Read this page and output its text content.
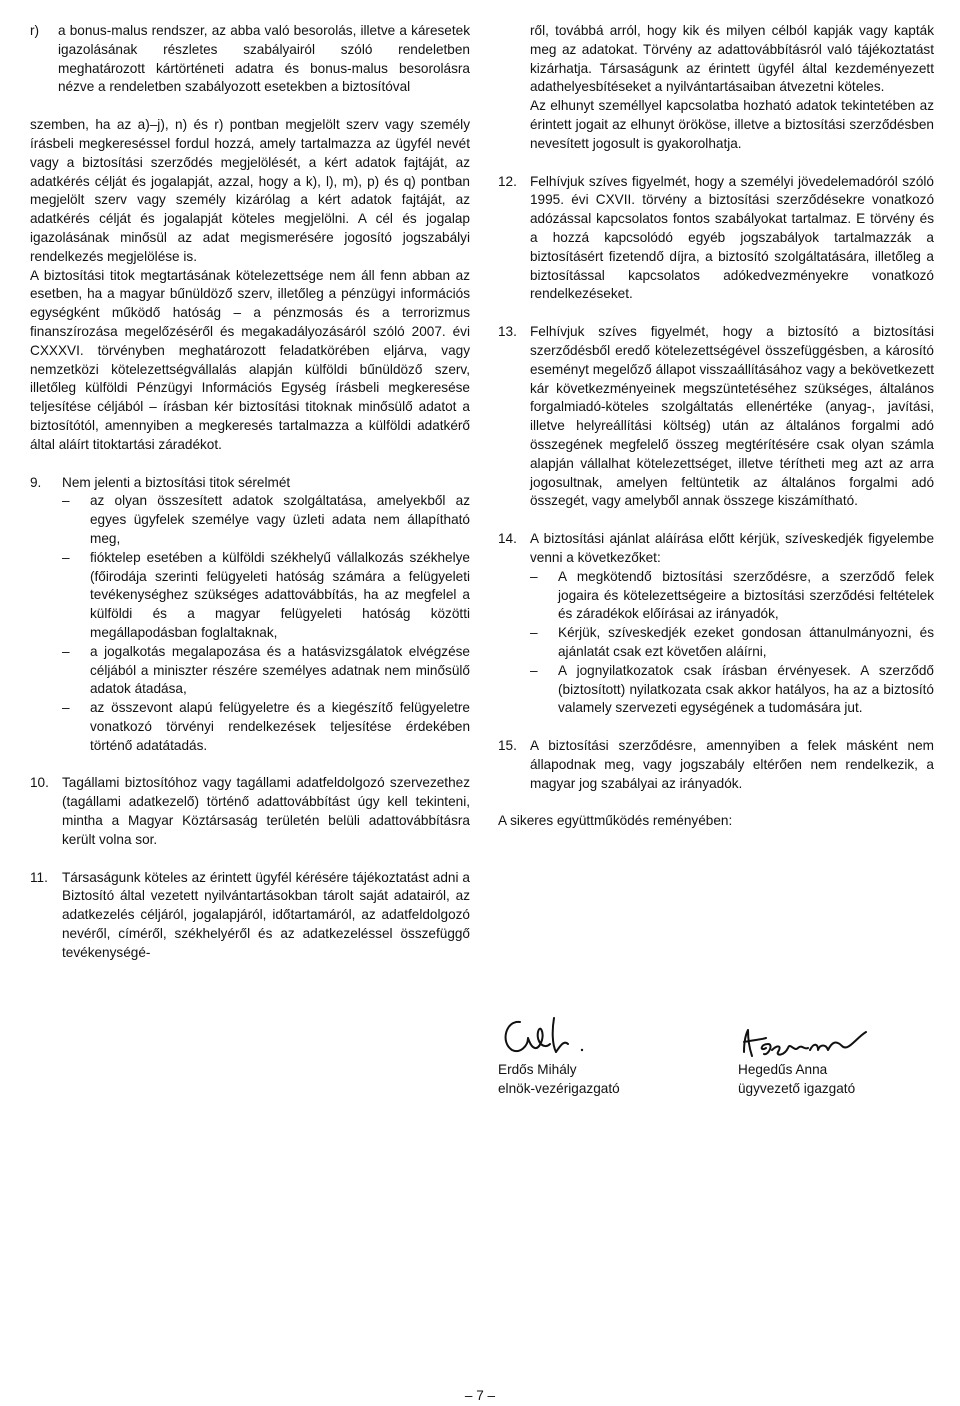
r)	a bonus-malus rendszer, az abba való besorolás, illetve a káresetek igazolásának részletes szabályairól szóló rendeletben meghatározott kártörténeti adatra és bonus-malus besorolásra nézve a rendeletben szabályozott esetekben a biztosítóval

szemben, ha az a)–j), n) és r) pontban megjelölt szerv vagy személy írásbeli megkereséssel fordul hozzá, amely tartalmazza az ügyfél nevét vagy a biztosítási szerződés megjelölését, a kért adatok fajtáját, az adatkérés célját és jogalapját, azzal, hogy a k), l), m), p) és q) pontban megjelölt szerv vagy személy kizárólag a kért adatok fajtáját, az adatkérés célját és jogalapját köteles megjelölni. A cél és jogalap igazolásának minősül az adat megismerésére jogosító jogszabályi rendelkezés megjelölése is.

A biztosítási titok megtartásának kötelezettsége nem áll fenn abban az esetben, ha a magyar bűnüldöző szerv, illetőleg a pénzügyi információs egységként működő hatóság – a pénzmosás és a terrorizmus finanszírozása megelőzéséről és megakadályozásáról szóló 2007. évi CXXXVI. törvényben meghatározott feladatkörében eljárva, vagy nemzetközi kötelezettségvállalás alapján külföldi bűnüldöző szerv, illetőleg külföldi Pénzügyi Információs Egység írásbeli megkeresése teljesítése céljából – írásban kér biztosítási titoknak minősülő adatot a biztosítótól, amennyiben a megkeresés tartalmazza a külföldi adatkérő által aláírt titoktartási záradékot.

9.	Nem jelenti a biztosítási titok sérelmét
–	az olyan összesített adatok szolgáltatása, amelyekből az egyes ügyfelek személye vagy üzleti adata nem állapítható meg,
–	fióktelep esetében a külföldi székhelyű vállalkozás székhelye (főirodája szerinti felügyeleti hatóság számára a felügyeleti tevékenységhez szükséges adattovábbítás, ha az megfelel a külföldi és a magyar felügyeleti hatóság közötti megállapodásban foglaltaknak,
–	a jogalkotás megalapozása és a hatásvizsgálatok elvégzése céljából a miniszter részére személyes adatnak nem minősülő adatok átadása,
–	az összevont alapú felügyeletre és a kiegészítő felügyeletre vonatkozó törvényi rendelkezések teljesítése érdekében történő adatátadás.
10. Tagállami biztosítóhoz vagy tagállami adatfeldolgozó szervezethez (tagállami adatkezelő) történő adattovábbítást úgy kell tekinteni, mintha a Magyar Köztársaság területén belüli adattovábbításra került volna sor.
11.	Társaságunk köteles az érintett ügyfél kérésére tájékoztatást adni a Biztosító által vezetett nyilvántartásokban tárolt saját adatairól, az adatkezelés céljáról, jogalapjáról, időtartamáról, az adatfeldolgozó nevéről, címéről, székhelyéről és az adatkezeléssel összefüggő tevékenységé-

ről, továbbá arról, hogy kik és milyen célból kapják vagy kapták meg az adatokat. Törvény az adattovábbításról való tájékoztatást kizárhatja. Társaságunk az érintett ügyfél által kezdeményezett adathelyesbítéseket a nyilvántartásaiban átvezetni köteles.

Az elhunyt személlyel kapcsolatba hozható adatok tekintetében az érintett jogait az elhunyt örököse, illetve a biztosítási szerződésben nevesített jogosult is gyakorolhatja.

12. Felhívjuk szíves figyelmét, hogy a személyi jövedelemadóról szóló 1995. évi CXVII. törvény a biztosítási szerződésekre vonatkozó adózással kapcsolatos fontos szabályokat tartalmaz. E törvény és a hozzá kapcsolódó egyéb jogszabályok tartalmazzák a biztosításért fizetendő díjra, a biztosító szolgáltatására, illetőleg a biztosítással kapcsolatos adókedvezményekre vonatkozó rendelkezéseket.
13. Felhívjuk szíves figyelmét, hogy a biztosító a biztosítási szerződésből eredő kötelezettségével összefüggésben, a károsító eseményt megelőző állapot visszaállításához vagy a bekövetkezett kár következményeinek megszüntetéséhez szükséges, általános forgalmiadó-köteles szolgáltatás ellenértéke (anyag-, javítási, illetve helyreállítási költség) után az általános forgalmi adó összegének megfelelő összeg megtérítésére csak olyan számla alapján vállalhat kötelezettséget, illetve térítheti meg azt az arra jogosultnak, amelyen feltüntetik az általános forgalmi adó összegét, vagy amelyből annak összege kiszámítható.
14. A biztosítási ajánlat aláírása előtt kérjük, szíveskedjék figyelembe venni a következőket:
–	A megkötendő biztosítási szerződésre, a szerződő felek jogaira és kötelezettségeire a biztosítási szerződési feltételek és záradékok előírásai az irányadók,
–	Kérjük, szíveskedjék ezeket gondosan áttanulmányozni, és ajánlatát csak ezt követően aláírni,
–	A jognyilatkozatok csak írásban érvényesek. A szerződő (biztosított) nyilatkozata csak akkor hatályos, ha az a biztosító valamely szervezeti egységének a tudomására jut.
15. A biztosítási szerződésre, amennyiben a felek másként nem állapodnak meg, vagy jogszabály eltérően nem rendelkezik, a magyar jog szabályai az irányadók.

A sikeres együttműködés reményében:

Erdős Mihály
elnök-vezérigazgató
Hegedűs Anna
ügyvezető igazgató
– 7 –
